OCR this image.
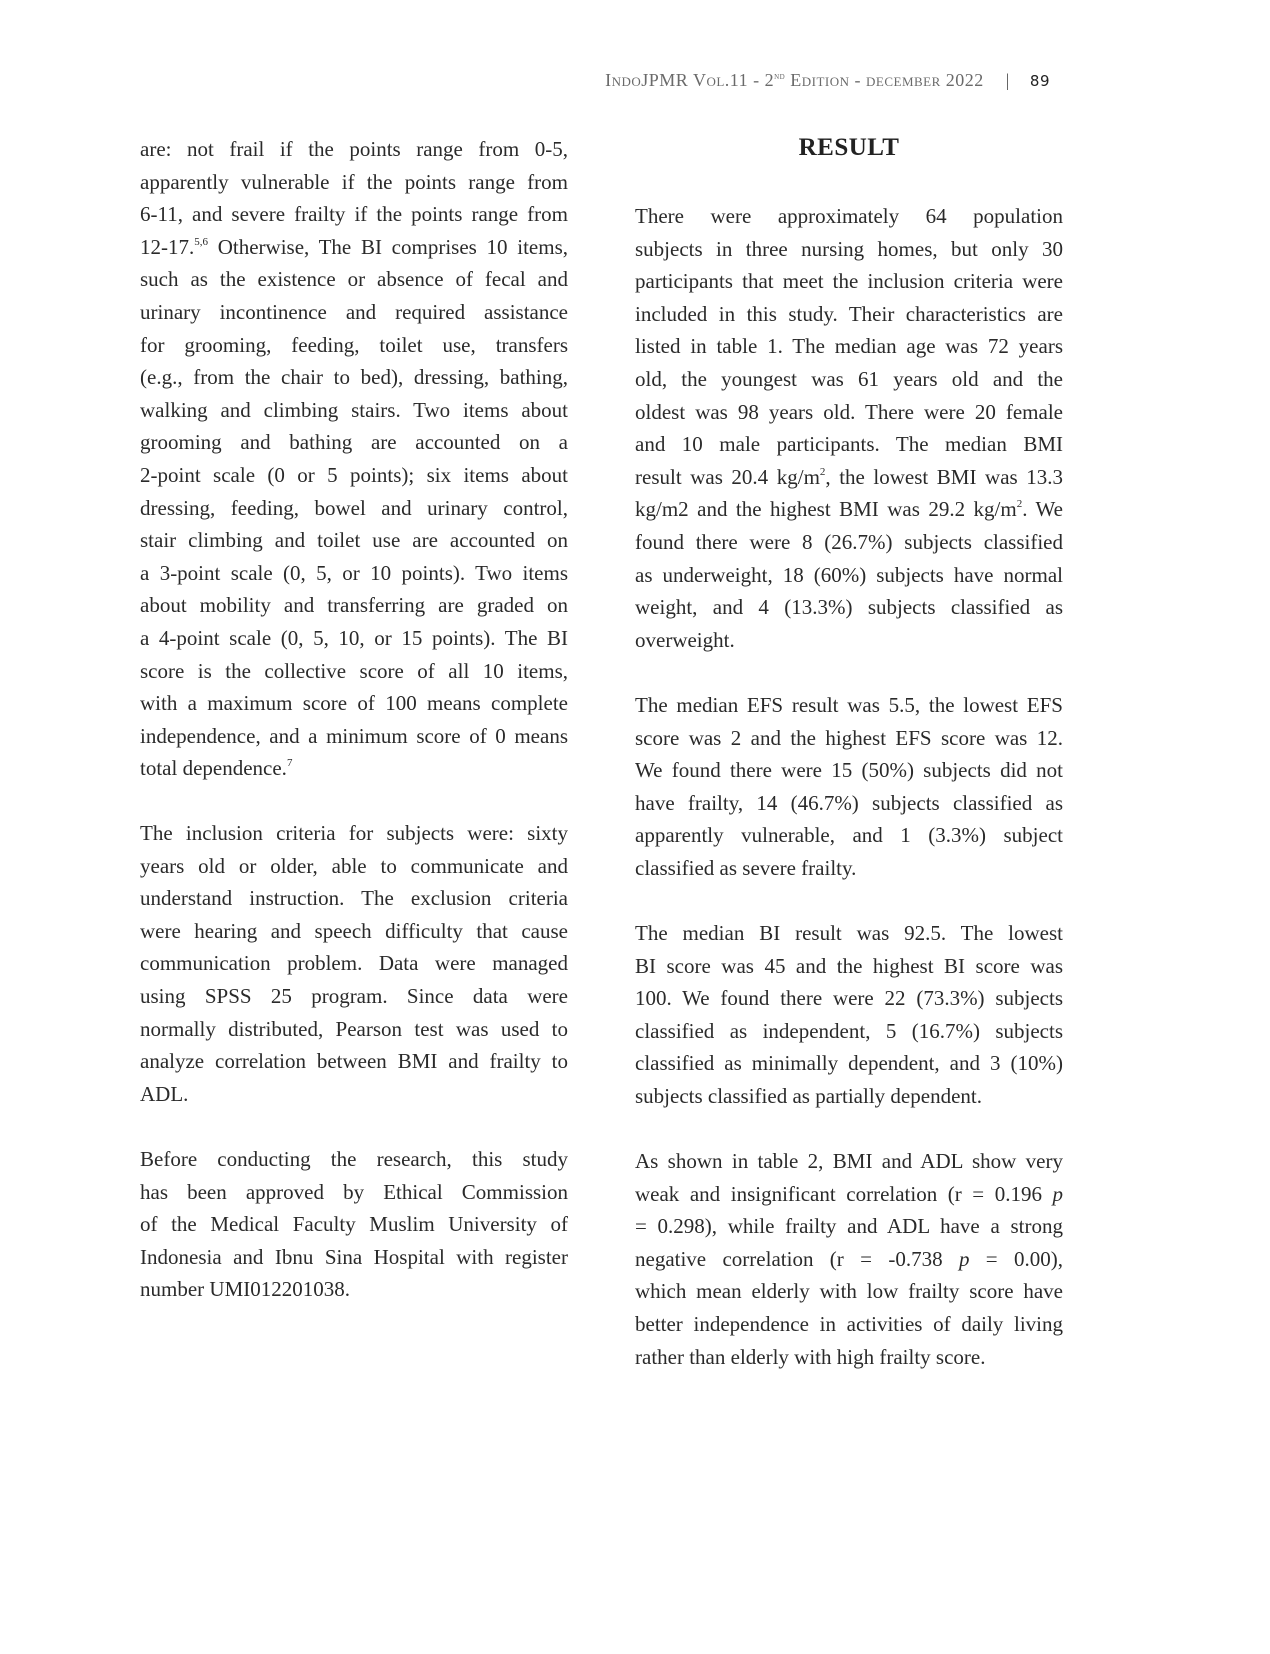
IndoJPMR Vol.11 - 2nd Edition - december 2022 | 89
are: not frail if the points range from 0-5,
apparently vulnerable if the points range from
6-11, and severe frailty if the points range from
12-17.$^{5,6}$ Otherwise, The BI comprises 10 items,
such as the existence or absence of fecal and
urinary incontinence and required assistance
for grooming, feeding, toilet use, transfers
(e.g., from the chair to bed), dressing, bathing,
walking and climbing stairs. Two items about
grooming and bathing are accounted on a
2-point scale (0 or 5 points); six items about
dressing, feeding, bowel and urinary control,
stair climbing and toilet use are accounted on
a 3-point scale (0, 5, or 10 points). Two items
about mobility and transferring are graded on
a 4-point scale (0, 5, 10, or 15 points). The BI
score is the collective score of all 10 items,
with a maximum score of 100 means complete
independence, and a minimum score of 0 means
total dependence.$^7$
The inclusion criteria for subjects were: sixty
years old or older, able to communicate and
understand instruction. The exclusion criteria
were hearing and speech difficulty that cause
communication problem. Data were managed
using SPSS 25 program. Since data were
normally distributed, Pearson test was used to
analyze correlation between BMI and frailty to
ADL.
Before conducting the research, this study
has been approved by Ethical Commission
of the Medical Faculty Muslim University of
Indonesia and Ibnu Sina Hospital with register
number UMI012201038.
RESULT
There were approximately 64 population
subjects in three nursing homes, but only 30
participants that meet the inclusion criteria were
included in this study. Their characteristics are
listed in table 1. The median age was 72 years
old, the youngest was 61 years old and the
oldest was 98 years old. There were 20 female
and 10 male participants. The median BMI
result was 20.4 $kg/m^2$, the lowest BMI was 13.3
kg/m2 and the highest BMI was 29.2 $kg/m^2$. We
found there were 8 (26.7%) subjects classified
as underweight, 18 (60%) subjects have normal
weight, and 4 (13.3%) subjects classified as
overweight.
The median EFS result was 5.5, the lowest EFS
score was 2 and the highest EFS score was 12.
We found there were 15 (50%) subjects did not
have frailty, 14 (46.7%) subjects classified as
apparently vulnerable, and 1 (3.3%) subject
classified as severe frailty.
The median BI result was 92.5. The lowest
BI score was 45 and the highest BI score was
100. We found there were 22 (73.3%) subjects
classified as independent, 5 (16.7%) subjects
classified as minimally dependent, and 3 (10%)
subjects classified as partially dependent.
As shown in table 2, BMI and ADL show very
weak and insignificant correlation (r = 0.196 p
= 0.298), while frailty and ADL have a strong
negative correlation (r = -0.738 p = 0.00),
which mean elderly with low frailty score have
better independence in activities of daily living
rather than elderly with high frailty score.
